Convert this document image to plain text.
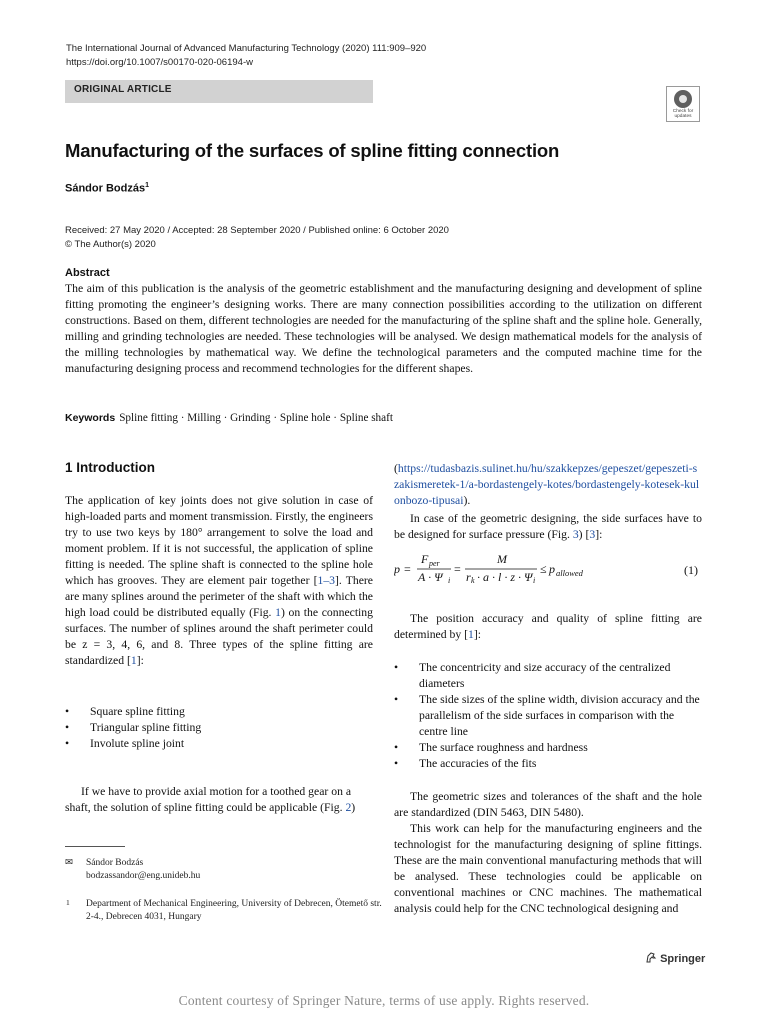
The International Journal of Advanced Manufacturing Technology (2020) 111:909–920
https://doi.org/10.1007/s00170-020-06194-w
ORIGINAL ARTICLE
Check for updates
Manufacturing of the surfaces of spline fitting connection
Sándor Bodzás$^1$
Received: 27 May 2020 / Accepted: 28 September 2020 / Published online: 6 October 2020
© The Author(s) 2020
Abstract
The aim of this publication is the analysis of the geometric establishment and the manufacturing designing and development of spline fitting promoting the engineer’s designing works. There are many connection possibilities according to the utilization on different constructions. Based on them, different technologies are needed for the manufacturing of the spline shaft and the spline hole. Generally, milling and grinding technologies are needed. These technologies will be analysed. We design mathematical models for the analysis of the milling technologies by mathematical way. We define the technological parameters and the computed machine time for the manufacturing designing process and recommend technologies for the different shapes.
Keywords Spline fitting · Milling · Grinding · Spline hole · Spline shaft
1 Introduction
The application of key joints does not give solution in case of high-loaded parts and moment transmission. Firstly, the engineers try to use two keys by 180° arrangement to solve the load and moment problem. If it is not successful, the application of spline fitting is needed. The spline shaft is connected to the spline hole which has grooves. They are element pair together [1–3]. There are many splines around the perimeter of the shaft with which the high load could be distributed equally (Fig. 1) on the connecting surfaces. The number of splines around the shaft perimeter could be z = 3, 4, 6, and 8. Three types of the spline fitting are standardized [1]:
• Square spline fitting
• Triangular spline fitting
• Involute spline joint
If we have to provide axial motion for a toothed gear on a shaft, the solution of spline fitting could be applicable (Fig. 2)
✉ Sándor Bodzás
bodzassandor@eng.unideb.hu
1 Department of Mechanical Engineering, University of Debrecen, Ötemető str. 2-4., Debrecen 4031, Hungary
(https://tudasbazis.sulinet.hu/hu/szakkepzes/gepeszet/gepeszeti-szakismeretek-1/a-bordastengely-kotes/bordastengely-kotesek-kulonbozo-tipusai).
In case of the geometric designing, the side surfaces have to be designed for surface pressure (Fig. 3) [3]:
p =
F per
A · Ψ i
=
M
r k · a · l · z · Ψ i
≤ p allowed	(1)
The position accuracy and quality of spline fitting are determined by [1]:
• The concentricity and size accuracy of the centralized diameters
• The side sizes of the spline width, division accuracy and the parallelism of the side surfaces in comparison with the centre line
• The surface roughness and hardness
• The accuracies of the fits
The geometric sizes and tolerances of the shaft and the hole are standardized (DIN 5463, DIN 5480).
This work can help for the manufacturing engineers and the technologist for the manufacturing designing of spline fittings. These are the main conventional manufacturing methods that will be analysed. These technologies could be applicable on conventional machines or CNC machines. The mathematical analysis could help for the CNC technological designing and
Springer
Content courtesy of Springer Nature, terms of use apply. Rights reserved.
